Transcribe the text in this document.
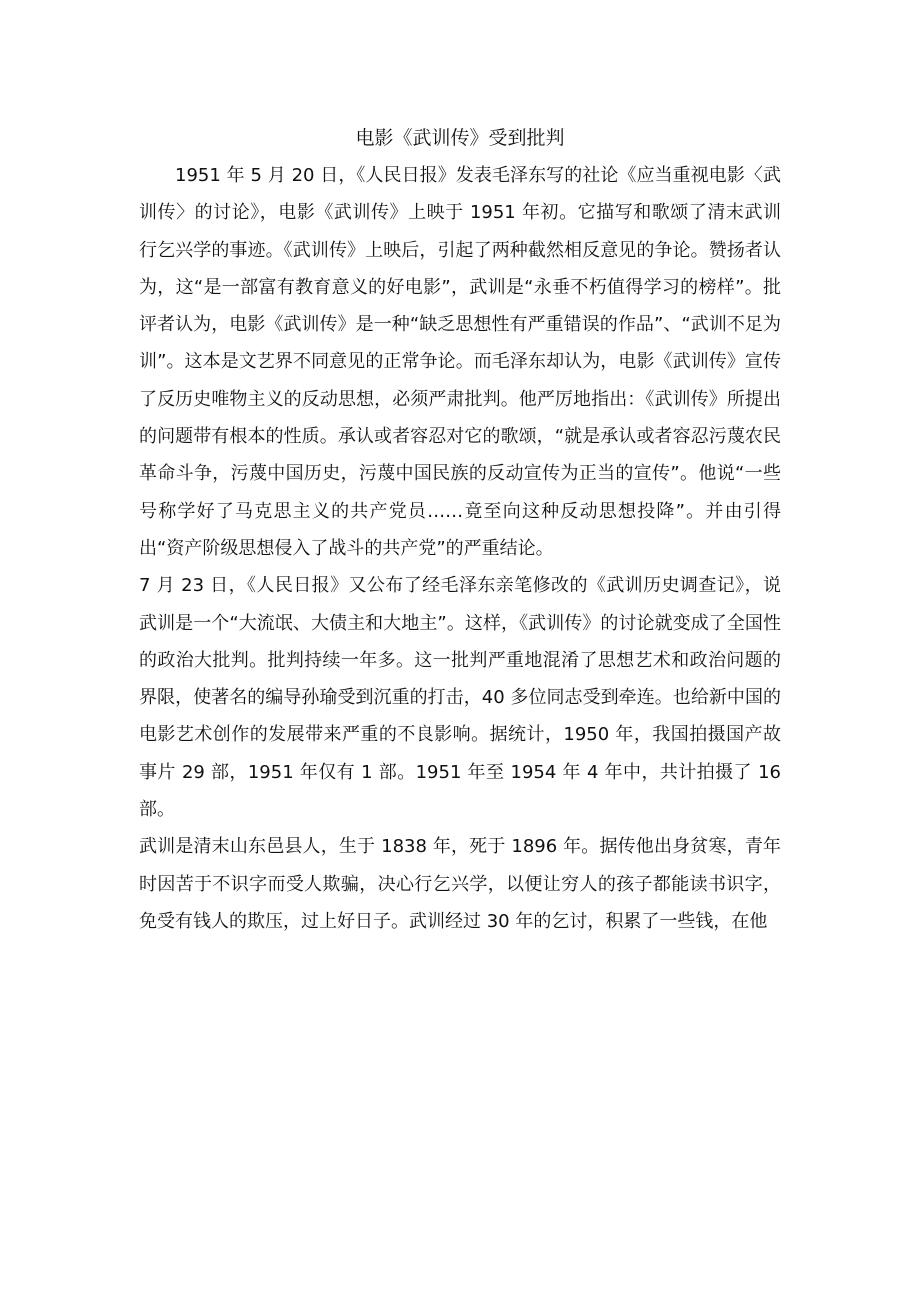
电影《武训传》受到批判

1951 年 5 月 20 日，《人民日报》发表毛泽东写的社论《应当重视电影〈武训传〉的讨论》，电影《武训传》上映于 1951 年初。它描写和歌颂了清末武训行乞兴学的事迹。《武训传》上映后，引起了两种截然相反意见的争论。赞扬者认为，这“是一部富有教育意义的好电影”，武训是“永垂不朽值得学习的榜样”。批评者认为，电影《武训传》是一种“缺乏思想性有严重错误的作品”、“武训不足为训”。这本是文艺界不同意见的正常争论。而毛泽东却认为，电影《武训传》宣传了反历史唯物主义的反动思想，必须严肃批判。他严厉地指出：《武训传》所提出的问题带有根本的性质。承认或者容忍对它的歌颂，“就是承认或者容忍污蔑农民革命斗争，污蔑中国历史，污蔑中国民族的反动宣传为正当的宣传”。他说“一些号称学好了马克思主义的共产党员……竟至向这种反动思想投降”。并由引得出“资产阶级思想侵入了战斗的共产党”的严重结论。

7 月 23 日，《人民日报》又公布了经毛泽东亲笔修改的《武训历史调查记》，说武训是一个“大流氓、大债主和大地主”。这样，《武训传》的讨论就变成了全国性的政治大批判。批判持续一年多。这一批判严重地混淆了思想艺术和政治问题的界限，使著名的编导孙瑜受到沉重的打击，40 多位同志受到牵连。也给新中国的电影艺术创作的发展带来严重的不良影响。据统计，1950 年，我国拍摄国产故事片 29 部，1951 年仅有 1 部。1951 年至 1954 年 4 年中，共计拍摄了 16 部。

武训是清末山东邑县人，生于 1838 年，死于 1896 年。据传他出身贫寒，青年时因苦于不识字而受人欺骗，决心行乞兴学，以便让穷人的孩子都能读书识字，免受有钱人的欺压，过上好日子。武训经过 30 年的乞讨，积累了一些钱，在他
